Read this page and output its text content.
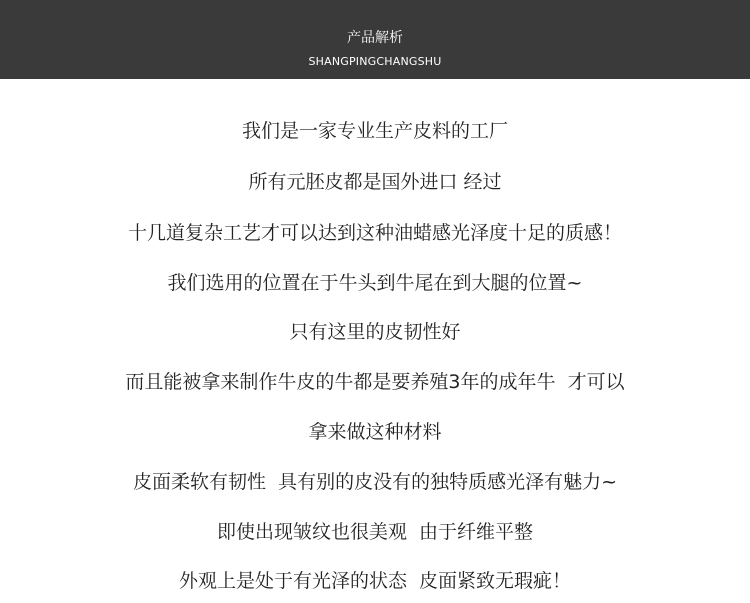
产品解析
SHANGPINGCHANGSHU
我们是一家专业生产皮料的工厂
所有元胚皮都是国外进口 经过
十几道复杂工艺才可以达到这种油蜡感光泽度十足的质感！
我们选用的位置在于牛头到牛尾在到大腿的位置~
只有这里的皮韧性好
而且能被拿来制作牛皮的牛都是要养殖3年的成年牛  才可以
拿来做这种材料
皮面柔软有韧性  具有别的皮没有的独特质感光泽有魅力~
即使出现皱纹也很美观  由于纤维平整
外观上是处于有光泽的状态  皮面紧致无瑕疵！
